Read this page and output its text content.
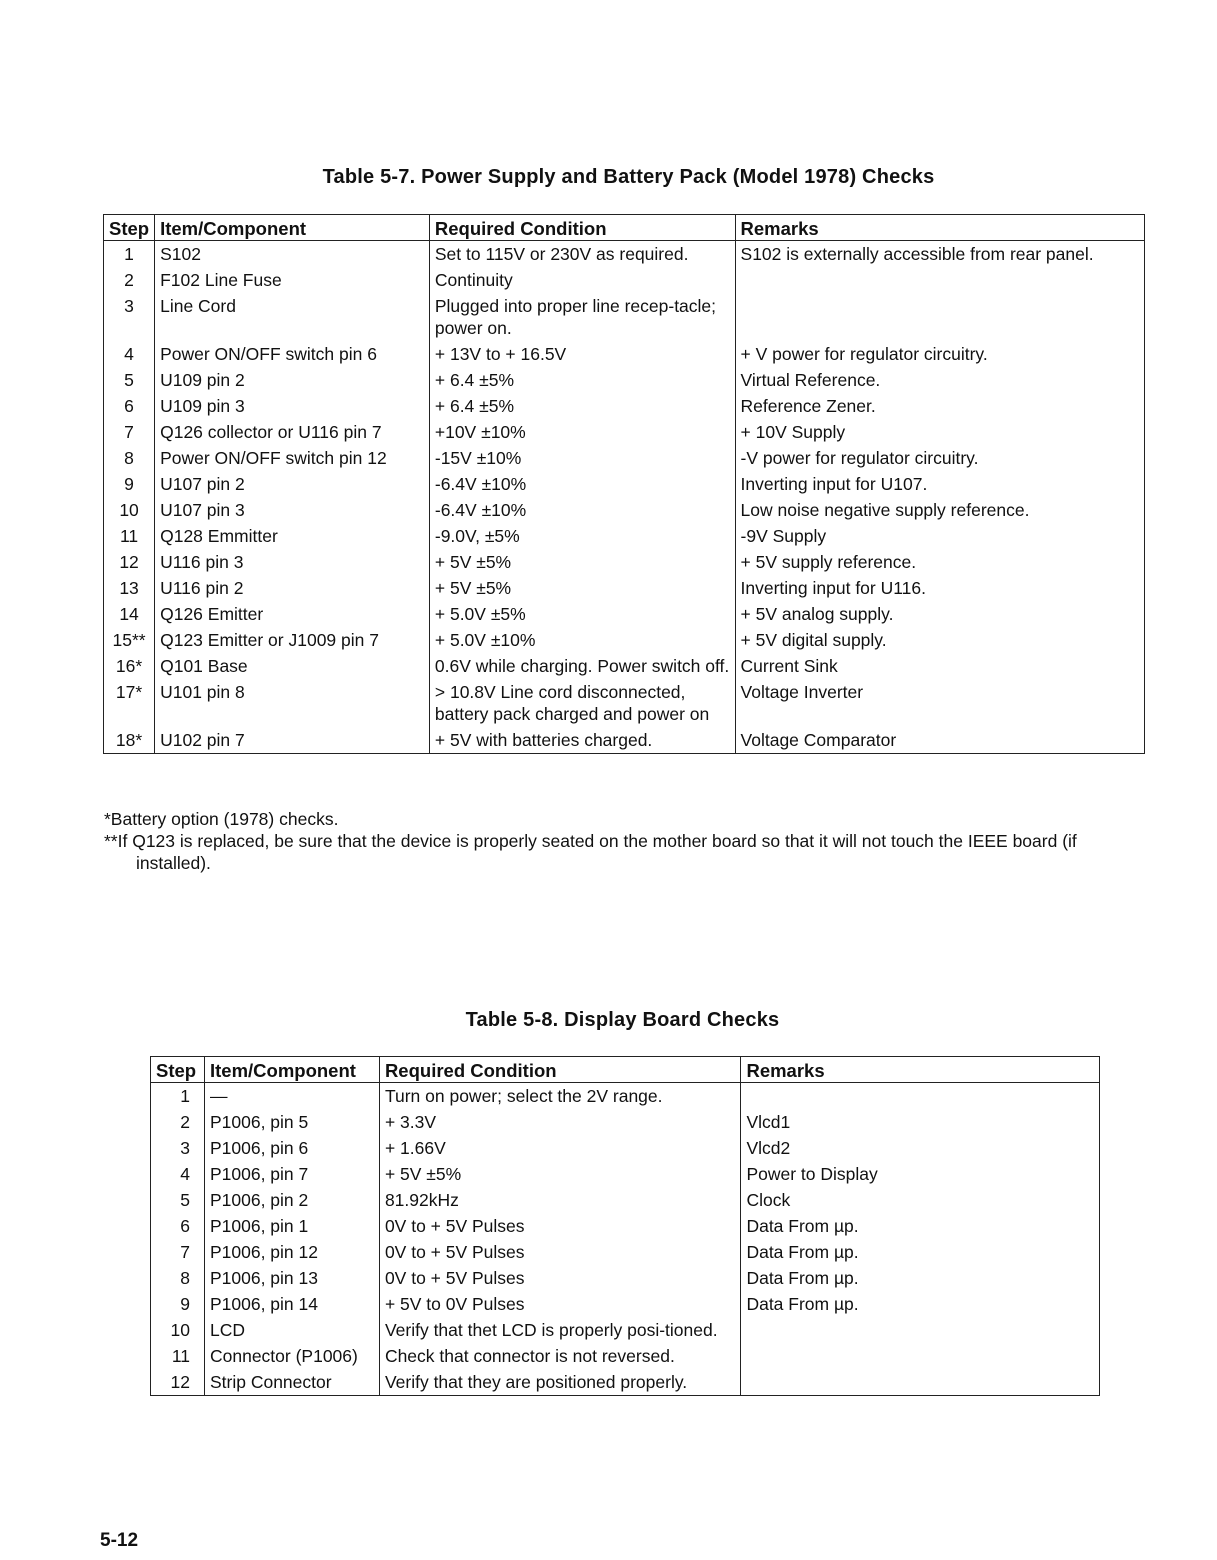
Table 5-7. Power Supply and Battery Pack (Model 1978) Checks
Step	Item/Component	Required Condition	Remarks
1	S102	Set to 115V or 230V as required.	S102 is externally accessible from rear panel.
2	F102 Line Fuse	Continuity	
3	Line Cord	Plugged into proper line recep-tacle; power on.	
4	Power ON/OFF switch pin 6	+ 13V to + 16.5V	+ V power for regulator circuitry.
5	U109 pin 2	+ 6.4 ±5%	Virtual Reference.
6	U109 pin 3	+ 6.4 ±5%	Reference Zener.
7	Q126 collector or U116 pin 7	+10V ±10%	+ 10V Supply
8	Power ON/OFF switch pin 12	-15V ±10%	-V power for regulator circuitry.
9	U107 pin 2	-6.4V ±10%	Inverting input for U107.
10	U107 pin 3	-6.4V ±10%	Low noise negative supply reference.
11	Q128 Emmitter	-9.0V, ±5%	-9V Supply
12	U116 pin 3	+ 5V ±5%	+ 5V supply reference.
13	U116 pin 2	+ 5V ±5%	Inverting input for U116.
14	Q126 Emitter	+ 5.0V ±5%	+ 5V analog supply.
15**	Q123 Emitter or J1009 pin 7	+ 5.0V ±10%	+ 5V digital supply.
16*	Q101 Base	0.6V while charging. Power switch off.	Current Sink
17*	U101 pin 8	> 10.8V Line cord disconnected, battery pack charged and power on	Voltage Inverter
18*	U102 pin 7	+ 5V with batteries charged.	Voltage Comparator
*Battery option (1978) checks.
**If Q123 is replaced, be sure that the device is properly seated on the mother board so that it will not touch the IEEE board (if installed).
Table 5-8. Display Board Checks
Step	Item/Component	Required Condition	Remarks
1	—	Turn on power; select the 2V range.	
2	P1006, pin 5	+ 3.3V	Vlcd1
3	P1006, pin 6	+ 1.66V	Vlcd2
4	P1006, pin 7	+ 5V ±5%	Power to Display
5	P1006, pin 2	81.92kHz	Clock
6	P1006, pin 1	0V to + 5V Pulses	Data From µp.
7	P1006, pin 12	0V to + 5V Pulses	Data From µp.
8	P1006, pin 13	0V to + 5V Pulses	Data From µp.
9	P1006, pin 14	+ 5V to 0V Pulses	Data From µp.
10	LCD	Verify that thet LCD is properly posi-tioned.	
11	Connector (P1006)	Check that connector is not reversed.	
12	Strip Connector	Verify that they are positioned properly.	
5-12
